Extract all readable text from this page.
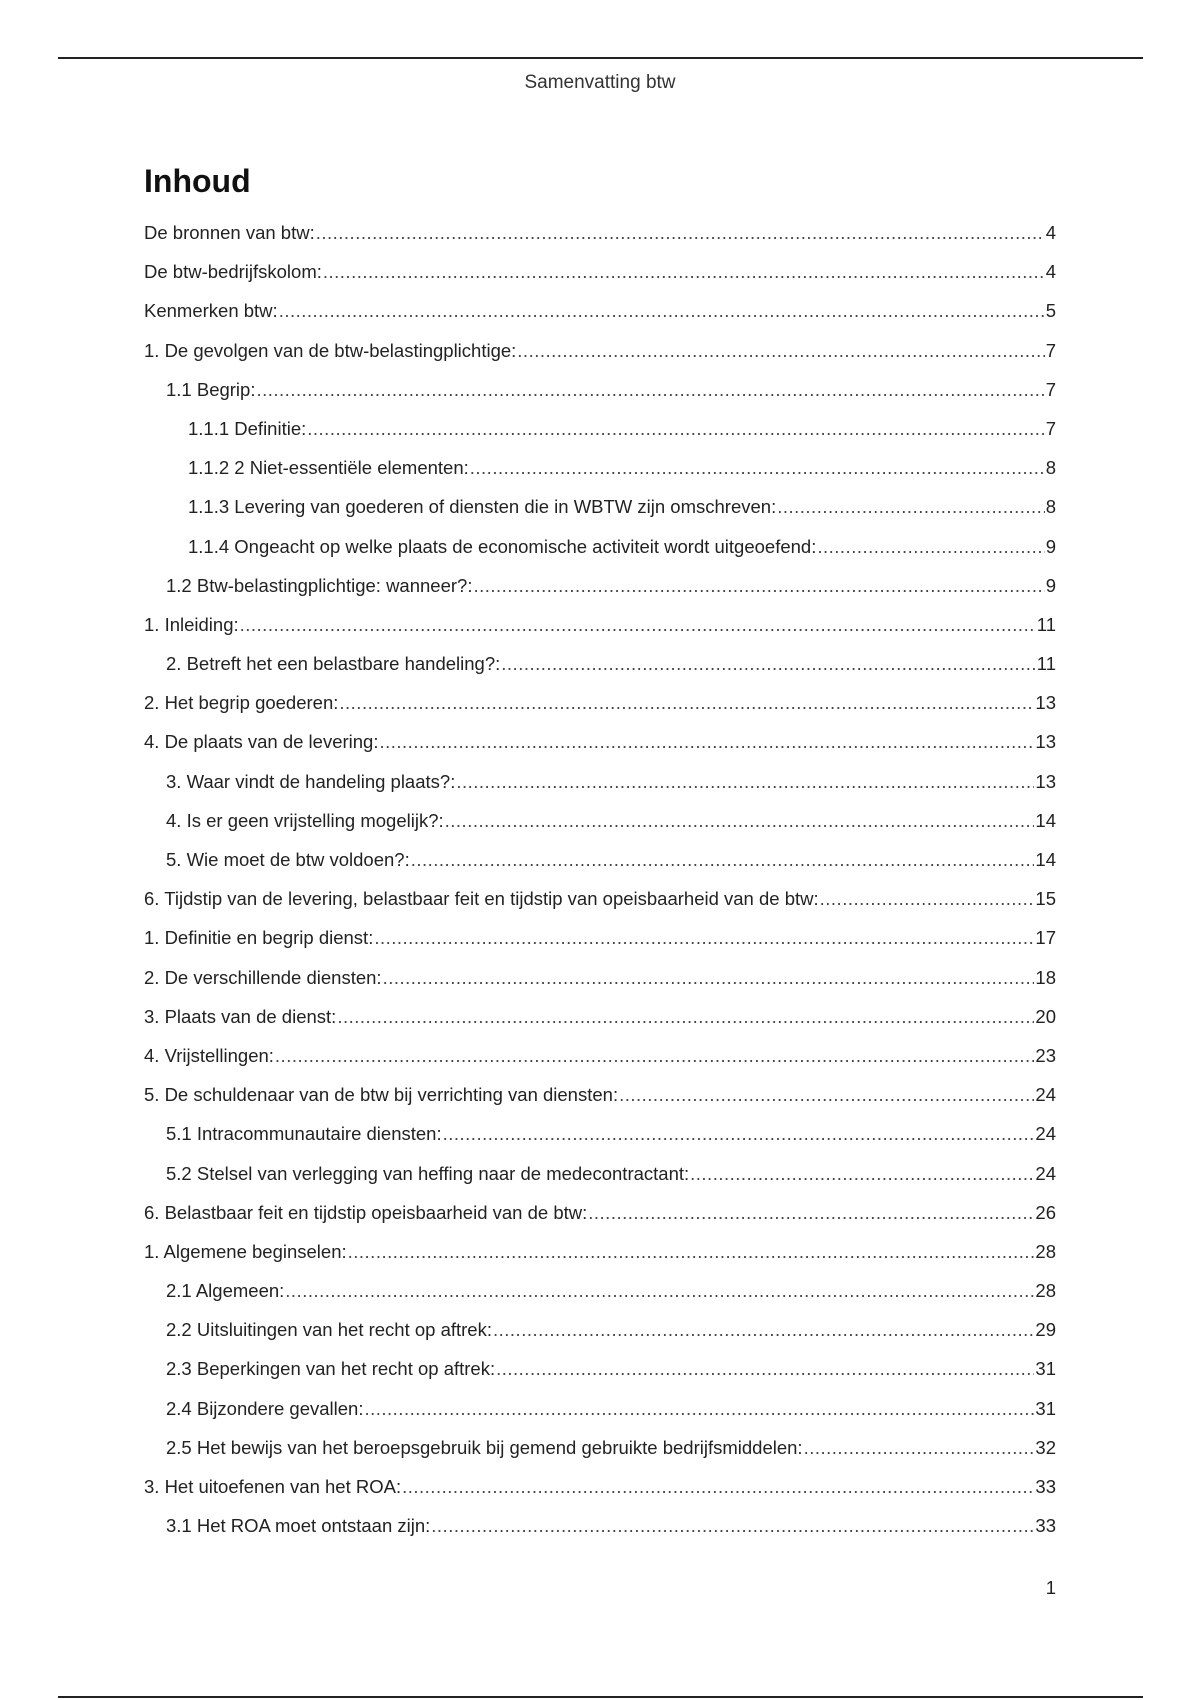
Samenvatting btw
Inhoud
De bronnen van btw: .....	4
De btw-bedrijfskolom: .....	4
Kenmerken btw: .....	5
1. De gevolgen van de btw-belastingplichtige: .....	7
1.1 Begrip: .....	7
1.1.1 Definitie: .....	7
1.1.2 2 Niet-essentiële elementen: .....	8
1.1.3 Levering van goederen of diensten die in WBTW zijn omschreven: .....	8
1.1.4 Ongeacht op welke plaats de economische activiteit wordt uitgeoefend: .....	9
1.2 Btw-belastingplichtige: wanneer?: .....	9
1. Inleiding: .....	11
2. Betreft het een belastbare handeling?: .....	11
2. Het begrip goederen: .....	13
4. De plaats van de levering: .....	13
3. Waar vindt de handeling plaats?: .....	13
4. Is er geen vrijstelling mogelijk?: .....	14
5. Wie moet de btw voldoen?: .....	14
6. Tijdstip van de levering, belastbaar feit en tijdstip van opeisbaarheid van de btw: .....	15
1. Definitie en begrip dienst: .....	17
2. De verschillende diensten: .....	18
3. Plaats van de dienst: .....	20
4. Vrijstellingen: .....	23
5. De schuldenaar van de btw bij verrichting van diensten: .....	24
5.1 Intracommunautaire diensten: .....	24
5.2 Stelsel van verlegging van heffing naar de medecontractant: .....	24
6. Belastbaar feit en tijdstip opeisbaarheid van de btw: .....	26
1. Algemene beginselen: .....	28
2.1 Algemeen: .....	28
2.2 Uitsluitingen van het recht op aftrek: .....	29
2.3 Beperkingen van het recht op aftrek: .....	31
2.4 Bijzondere gevallen: .....	31
2.5 Het bewijs van het beroepsgebruik bij gemend gebruikte bedrijfsmiddelen: .....	32
3. Het uitoefenen van het ROA: .....	33
3.1 Het ROA moet ontstaan zijn: .....	33
1
